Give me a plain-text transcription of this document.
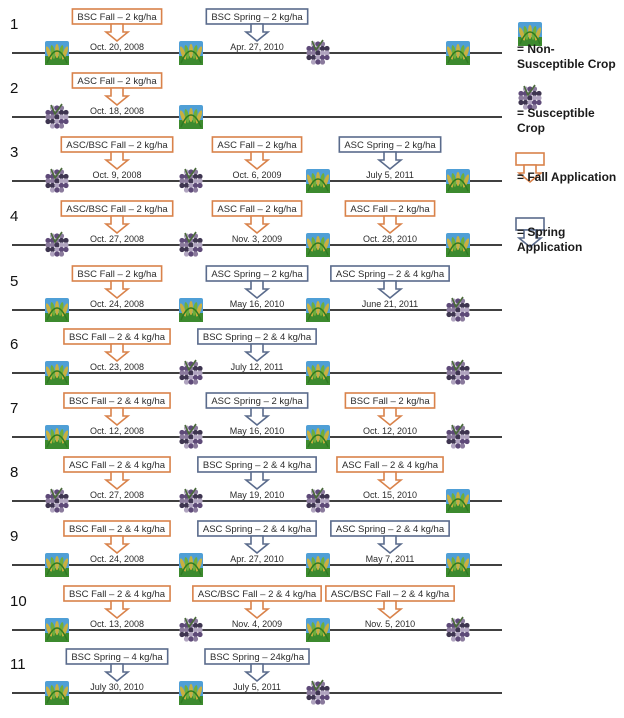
1	BSC Fall – 2 kg/ha
Oct. 20, 2008
BSC Spring – 2 kg/ha
Apr. 27, 2010
2	ASC Fall – 2 kg/ha
Oct. 18, 2008
3	ASC/BSC Fall – 2 kg/ha
Oct. 9, 2008
ASC Fall – 2 kg/ha
Oct. 6, 2009
ASC Spring – 2 kg/ha
July 5, 2011
4	ASC/BSC Fall – 2 kg/ha
Oct. 27, 2008
ASC Fall – 2 kg/ha
Nov. 3, 2009
ASC Fall – 2 kg/ha
Oct. 28, 2010
5	BSC Fall – 2 kg/ha
Oct. 24, 2008
ASC Spring – 2 kg/ha
May 16, 2010
ASC Spring – 2 & 4 kg/ha
June 21, 2011
6	BSC Fall – 2 & 4 kg/ha
Oct. 23, 2008
BSC Spring – 2 & 4 kg/ha
July 12, 2011
7	BSC Fall – 2 & 4 kg/ha
Oct. 12, 2008
ASC Spring – 2 kg/ha
May 16, 2010
BSC Fall – 2 kg/ha
Oct. 12, 2010
8	ASC Fall – 2 & 4 kg/ha
Oct. 27, 2008
BSC Spring – 2 & 4 kg/ha
May 19, 2010
ASC Fall – 2 & 4 kg/ha
Oct. 15, 2010
9	BSC Fall – 2 & 4 kg/ha
Oct. 24, 2008
ASC Spring – 2 & 4 kg/ha
Apr. 27, 2010
ASC Spring – 2 & 4 kg/ha
May 7, 2011
10	BSC Fall – 2 & 4 kg/ha
Oct. 13, 2008
ASC/BSC Fall – 2 & 4 kg/ha
Nov. 4, 2009
ASC/BSC Fall – 2 & 4 kg/ha
Nov. 5, 2010
11	BSC Spring – 4 kg/ha
July 30, 2010
BSC Spring – 24kg/ha
July 5, 2011
= Non-Susceptible Crop
= Susceptible Crop
= Fall Application
= Spring Application
